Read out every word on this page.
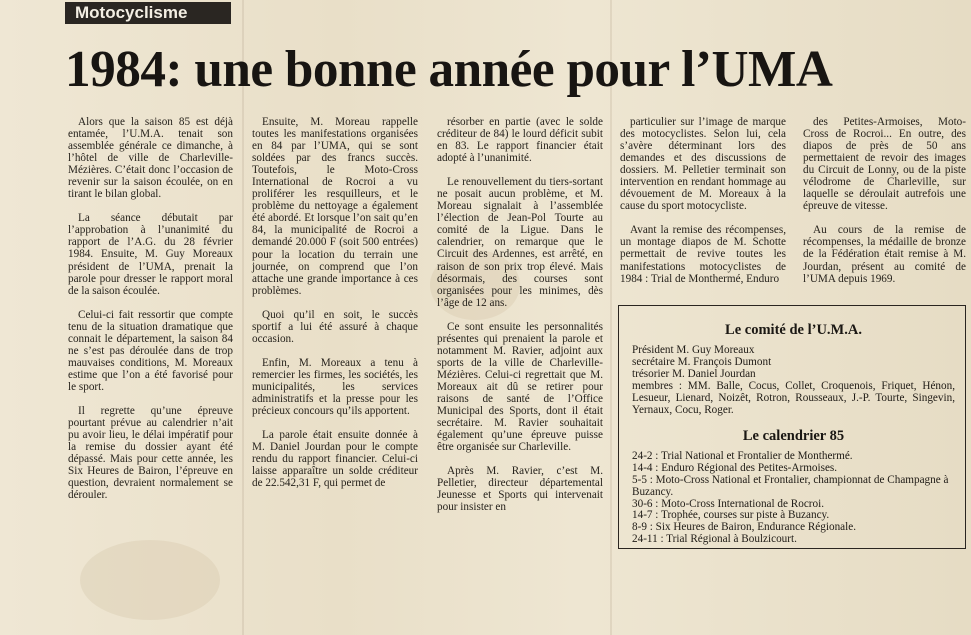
Motocyclisme
1984: une bonne année pour l’UMA

Alors que la saison 85 est déjà entamée, l’U.M.A. tenait son assemblée générale ce dimanche, à l’hôtel de ville de Charleville-Mézières. C’était donc l’occasion de revenir sur la saison écoulée, on en tirant le bilan global.

La séance débutait par l’approbation à l’unanimité du rapport de l’A.G. du 28 février 1984. Ensuite, M. Guy Moreaux président de l’UMA, prenait la parole pour dresser le rapport moral de la saison écoulée.

Celui-ci fait ressortir que compte tenu de la situation dramatique que connait le département, la saison 84 ne s’est pas déroulée dans de trop mauvaises conditions, M. Moreaux estime que l’on a été favorisé pour le sport.

Il regrette qu’une épreuve pourtant prévue au calendrier n’ait pu avoir lieu, le délai impératif pour la remise du dossier ayant été dépassé. Mais pour cette année, les Six Heures de Bairon, l’épreuve en question, devraient normalement se dérouler.

Ensuite, M. Moreau rappelle toutes les manifestations organisées en 84 par l’UMA, qui se sont soldées par des francs succès. Toutefois, le Moto-Cross International de Rocroi a vu proliférer les resquilleurs, et le problème du nettoyage a également été abordé. Et lorsque l’on sait qu’en 84, la municipalité de Rocroi a demandé 20.000 F (soit 500 entrées) pour la location du terrain une journée, on comprend que l’on attache une grande importance à ces problèmes.

Quoi qu’il en soit, le succès sportif a lui été assuré à chaque occasion.

Enfin, M. Moreaux a tenu à remercier les firmes, les sociétés, les municipalités, les services administratifs et la presse pour les précieux concours qu’ils apportent.

La parole était ensuite donnée à M. Daniel Jourdan pour le compte rendu du rapport financier. Celui-ci laisse apparaître un solde créditeur de 22.542,31 F, qui permet de

résorber en partie (avec le solde créditeur de 84) le lourd déficit subit en 83. Le rapport financier était adopté à l’unanimité.

Le renouvellement du tiers-sortant ne posait aucun problème, et M. Moreau signalait à l’assemblée l’élection de Jean-Pol Tourte au comité de la Ligue. Dans le calendrier, on remarque que le Circuit des Ardennes, est arrêté, en raison de son prix trop élevé. Mais désormais, des courses sont organisées pour les minimes, dès l’âge de 12 ans.

Ce sont ensuite les personnalités présentes qui prenaient la parole et notamment M. Ravier, adjoint aux sports de la ville de Charleville-Mézières. Celui-ci regrettait que M. Moreaux ait dû se retirer pour raisons de santé de l’Office Municipal des Sports, dont il était secrétaire. M. Ravier souhaitait également qu’une épreuve puisse être organisée sur Charleville.

Après M. Ravier, c’est M. Pelletier, directeur départemental Jeunesse et Sports qui intervenait pour insister en

particulier sur l’image de marque des motocyclistes. Selon lui, cela s’avère déterminant lors des demandes et des discussions de dossiers. M. Pelletier terminait son intervention en rendant hommage au dévouement de M. Moreaux à la cause du sport motocycliste.

Avant la remise des récompenses, un montage diapos de M. Schotte permettait de revive toutes les manifestations motocyclistes de 1984 : Trial de Monthermé, Enduro

des Petites-Armoises, Moto-Cross de Rocroi... En outre, des diapos de près de 50 ans permettaient de revoir des images du Circuit de Lonny, ou de la piste vélodrome de Charleville, sur laquelle se déroulait autrefois une épreuve de vitesse.

Au cours de la remise de récompenses, la médaille de bronze de la Fédération était remise à M. Jourdan, présent au comité de l’UMA depuis 1969.

Le comité de l’U.M.A.
Président M. Guy Moreaux
secrétaire M. François Dumont
trésorier M. Daniel Jourdan
membres : MM. Balle, Cocus, Collet, Croquenois, Friquet, Hénon, Lesueur, Lienard, Noizêt, Rotron, Rousseaux, J.-P. Tourte, Singevin, Yernaux, Cocu, Roger.
Le calendrier 85
24-2 : Trial National et Frontalier de Monthermé.
14-4 : Enduro Régional des Petites-Armoises.
5-5 : Moto-Cross National et Frontalier, championnat de Champagne à Buzancy.
30-6 : Moto-Cross International de Rocroi.
14-7 : Trophée, courses sur piste à Buzancy.
8-9 : Six Heures de Bairon, Endurance Régionale.
24-11 : Trial Régional à Boulzicourt.
